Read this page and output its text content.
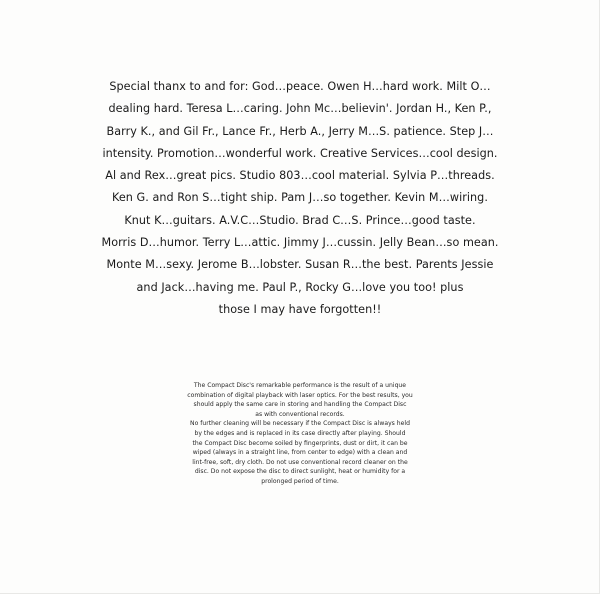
Special thanx to and for: God…peace. Owen H…hard work. Milt O…
dealing hard. Teresa L…caring. John Mc…believin'. Jordan H., Ken P.,
Barry K., and Gil Fr., Lance Fr., Herb A., Jerry M…S. patience. Step J…
intensity. Promotion…wonderful work. Creative Services…cool design.
Al and Rex…great pics. Studio 803…cool material. Sylvia P…threads.
Ken G. and Ron S…tight ship. Pam J…so together. Kevin M…wiring.
Knut K…guitars. A.V.C…Studio. Brad C…S. Prince…good taste.
Morris D…humor. Terry L…attic. Jimmy J…cussin. Jelly Bean…so mean.
Monte M…sexy. Jerome B…lobster. Susan R…the best. Parents Jessie
and Jack…having me. Paul P., Rocky G…love you too! plus
those I may have forgotten!!
The Compact Disc's remarkable performance is the result of a unique
combination of digital playback with laser optics. For the best results, you
should apply the same care in storing and handling the Compact Disc
as with conventional records.
No further cleaning will be necessary if the Compact Disc is always held
by the edges and is replaced in its case directly after playing. Should
the Compact Disc become soiled by fingerprints, dust or dirt, it can be
wiped (always in a straight line, from center to edge) with a clean and
lint-free, soft, dry cloth. Do not use conventional record cleaner on the
disc. Do not expose the disc to direct sunlight, heat or humidity for a
prolonged period of time.
